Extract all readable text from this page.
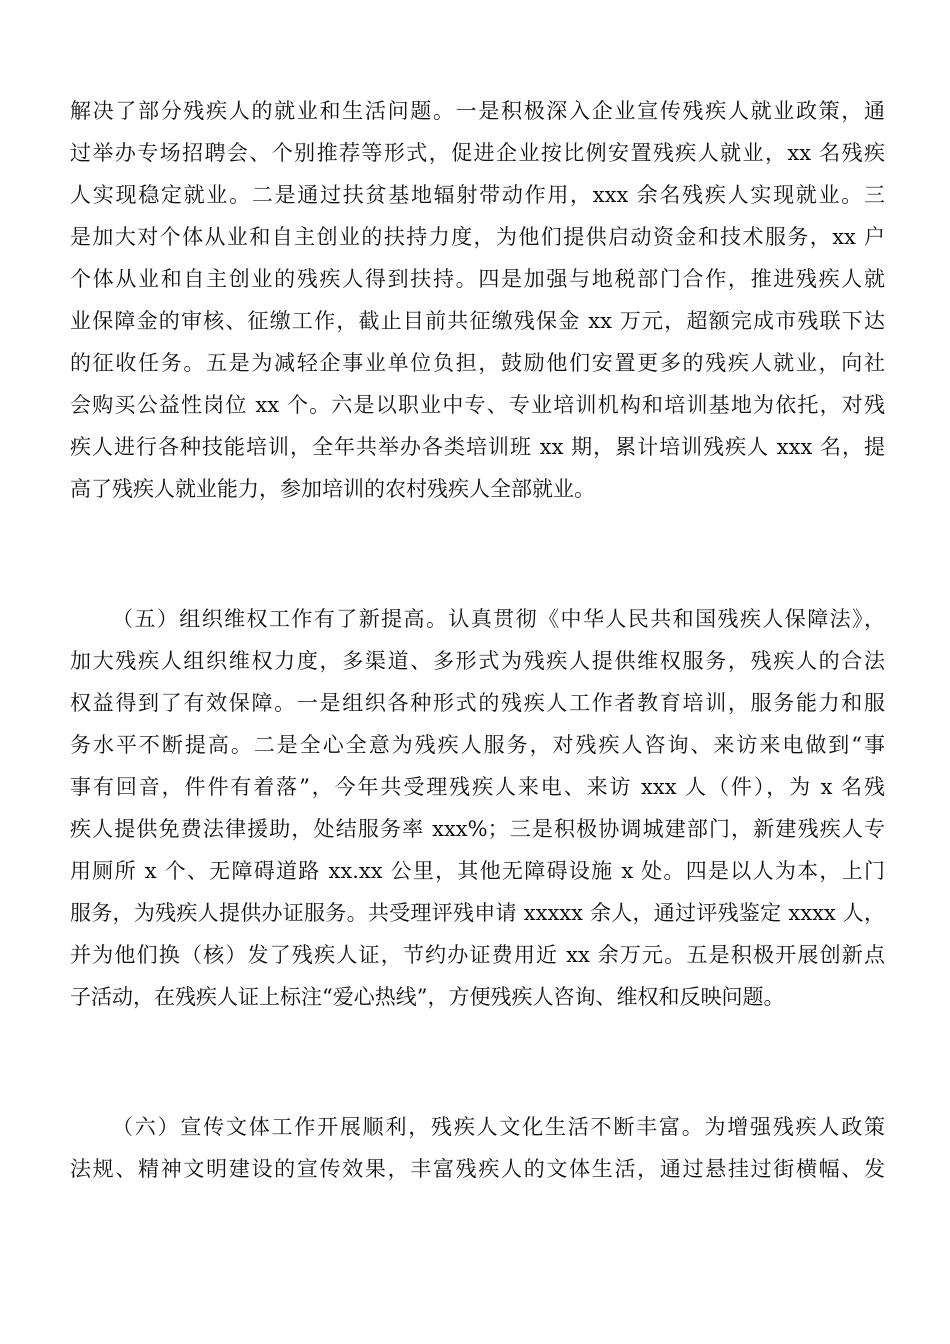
解决了部分残疾人的就业和生活问题。一是积极深入企业宣传残疾人就业政策，通
过举办专场招聘会、个别推荐等形式，促进企业按比例安置残疾人就业，xx 名残疾
人实现稳定就业。二是通过扶贫基地辐射带动作用，xxx 余名残疾人实现就业。三
是加大对个体从业和自主创业的扶持力度，为他们提供启动资金和技术服务，xx 户
个体从业和自主创业的残疾人得到扶持。四是加强与地税部门合作，推进残疾人就
业保障金的审核、征缴工作，截止目前共征缴残保金 xx 万元，超额完成市残联下达
的征收任务。五是为减轻企事业单位负担，鼓励他们安置更多的残疾人就业，向社
会购买公益性岗位 xx 个。六是以职业中专、专业培训机构和培训基地为依托，对残
疾人进行各种技能培训，全年共举办各类培训班 xx 期，累计培训残疾人 xxx 名，提
高了残疾人就业能力，参加培训的农村残疾人全部就业。
（五）组织维权工作有了新提高。认真贯彻《中华人民共和国残疾人保障法》，
加大残疾人组织维权力度，多渠道、多形式为残疾人提供维权服务，残疾人的合法
权益得到了有效保障。一是组织各种形式的残疾人工作者教育培训，服务能力和服
务水平不断提高。二是全心全意为残疾人服务，对残疾人咨询、来访来电做到“事
事有回音，件件有着落”，今年共受理残疾人来电、来访 xxx 人（件），为 x 名残
疾人提供免费法律援助，处结服务率 xxx%；三是积极协调城建部门，新建残疾人专
用厕所 x 个、无障碍道路 xx.xx 公里，其他无障碍设施 x 处。四是以人为本，上门
服务，为残疾人提供办证服务。共受理评残申请 xxxxx 余人，通过评残鉴定 xxxx 人，
并为他们换（核）发了残疾人证，节约办证费用近 xx 余万元。五是积极开展创新点
子活动，在残疾人证上标注“爱心热线”，方便残疾人咨询、维权和反映问题。
（六）宣传文体工作开展顺利，残疾人文化生活不断丰富。为增强残疾人政策
法规、精神文明建设的宣传效果，丰富残疾人的文体生活，通过悬挂过街横幅、发
